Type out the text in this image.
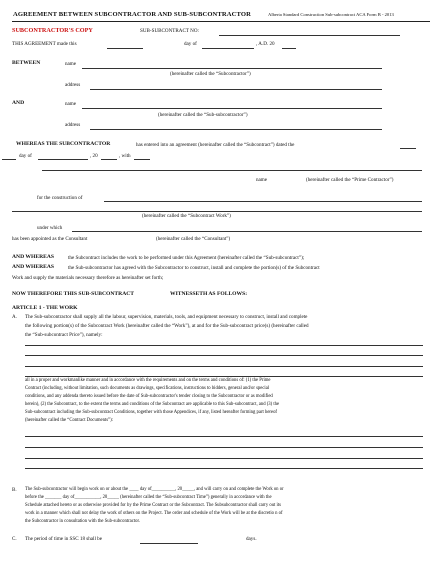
AGREEMENT BETWEEN SUBCONTRACTOR AND SUB-SUBCONTRACTOR	Alberta Standard Construction Sub-subcontract ACA Form B - 2013
SUBCONTRACTOR'S COPY	SUB-SUBCONTRACT NO:
THIS AGREEMENT made this	day of	, A.D. 20
BETWEEN	name
(hereinafter called the “Subcontractor”)
address
AND	name
(hereinafter called the “Sub-subcontractor”)
address
WHEREAS THE SUBCONTRACTOR	has entered into an agreement (hereinafter called the “Subcontract”) dated the
day of	, 20	, with
name	(hereinafter called the “Prime Contractor”)
for the construction of
(hereinafter called the “Subcontract Work”)
under which
has been appointed as the Consultant	(hereinafter called the “Consultant”)
AND WHEREAS	the Subcontract includes the work to be performed under this Agreement (hereinafter called the “Sub-subcontract”);
AND WHEREAS	the Sub-subcontractor has agreed with the Subcontractor to construct, install and complete the portion(s) of the Subcontract
Work and supply the materials necessary therefore as hereinafter set forth;
NOW THEREFORE THIS SUB-SUBCONTRACT	WITNESSETH AS FOLLOWS:
ARTICLE 1 - THE WORK
A. The Sub-subcontractor shall supply all the labour, supervision, materials, tools, and equipment necessary to construct, install and complete
the following portion(s) of the Subcontract Work (hereinafter called the “Work”), at and for the Sub-subcontract price(s) (hereinafter called
the “Sub-subcontract Price”), namely:
all in a proper and workmanlike manner and in accordance with the requirements and on the terms and conditions of: (1) the Prime
Contract (including, without limitation, such documents as drawings, specifications, instructions to bidders, general and/or special
conditions, and any addenda thereto issued before the date of Sub-subcontractor's tender closing to the Subcontractor or as modified
herein), (2) the Subcontract, to the extent the terms and conditions of the Subcontract are applicable to this Sub-subcontract, and (3) the
Sub-subcontract including the Sub-subcontract Conditions, together with those Appendices, if any, listed hereafter forming part hereof
(hereinafter called the “Contract Documents”):
B. The Sub-subcontractor will begin work on or about the ____ day of__________, 20_____, and will carry on and complete the Work on or
before the _______ day of___________, 20_____ (hereinafter called the “Sub-subcontract Time”) generally in accordance with the
Schedule attached hereto or as otherwise provided for by the Prime Contract or the Subcontract. The Subsubcontractor shall carry out its
work in a manner which shall not delay the work of others on the Project. The order and schedule of the Work will be at the discretio n of
the Subcontractor in consultation with the Sub-subcontractor.
C. The period of time in SSC 18 shall be	days.
